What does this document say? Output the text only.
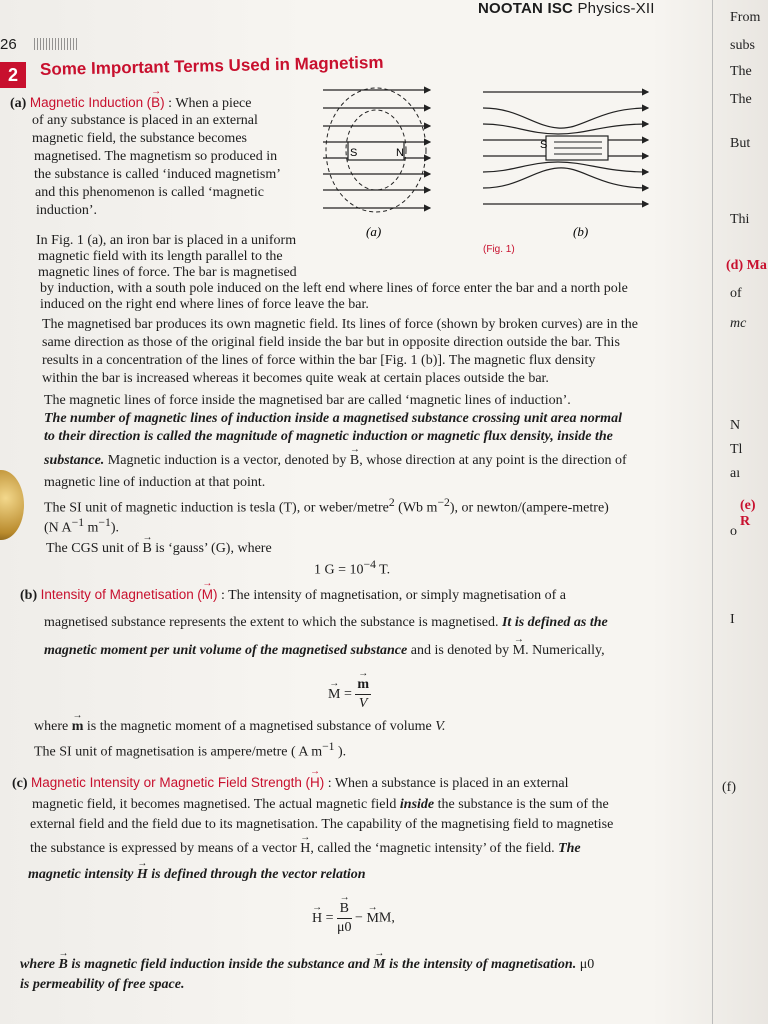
NOOTAN ISC Physics-XII
26
2	Some Important Terms Used in Magnetism
From
subs
The
The
But
Thi
(d) Ma
of
mc
N
Tl
aı
(e) R
o
I
(f)
S	N
(a)
S
(b)
(Fig. 1)
(a) Magnetic Induction (→ B) : When a piece
of any substance is placed in an external
magnetic field, the substance becomes
magnetised. The magnetism so produced in
the substance is called ‘induced magnetism’
and this phenomenon is called ‘magnetic
induction’.
In Fig. 1 (a), an iron bar is placed in a uniform
magnetic field with its length parallel to the
magnetic lines of force. The bar is magnetised
by induction, with a south pole induced on the left end where lines of force enter the bar and a north pole
induced on the right end where lines of force leave the bar.
The magnetised bar produces its own magnetic field. Its lines of force (shown by broken curves) are in the
same direction as those of the original field inside the bar but in opposite direction outside the bar. This
results in a concentration of the lines of force within the bar [Fig. 1 (b)]. The magnetic flux density
within the bar is increased whereas it becomes quite weak at certain places outside the bar.
The magnetic lines of force inside the magnetised bar are called ‘magnetic lines of induction’.
The number of magnetic lines of induction inside a magnetised substance crossing unit area normal
to their direction is called the magnitude of magnetic induction or magnetic flux density, inside the
substance. Magnetic induction is a vector, denoted by → B, whose direction at any point is the direction of
magnetic line of induction at that point.
The SI unit of magnetic induction is tesla (T), or weber/metre$^2$ (Wb $m^{-2}$), or newton/(ampere-metre)
(N $A^{-1}$ $m^{-1}$).
The CGS unit of → B is ‘gauss’ (G), where
1 $G = 10^{-4}$ T.
(b) Intensity of Magnetisation (→ M) : The intensity of magnetisation, or simply magnetisation of a
magnetised substance represents the extent to which the substance is magnetised. It is defined as the
magnetic moment per unit volume of the magnetised substance and is denoted by → M. Numerically,
→ M = → $\frac{m}{V}$
where → m is the magnetic moment of a magnetised substance of volume V.
The SI unit of magnetisation is ampere/metre ( A $m^{-1}$ ).
(c) Magnetic Intensity or Magnetic Field Strength (→ H) : When a substance is placed in an external
magnetic field, it becomes magnetised. The actual magnetic field inside the substance is the sum of the
external field and the field due to its magnetisation. The capability of the magnetising field to magnetise
the substance is expressed by means of a vector → H, called the ‘magnetic intensity’ of the field. The
magnetic intensity → H is defined through the vector relation
→ H = → $\frac{B}{\mu 0}$ − → MM,
where → B is magnetic field induction inside the substance and → M is the intensity of magnetisation. μ0
is permeability of free space.
